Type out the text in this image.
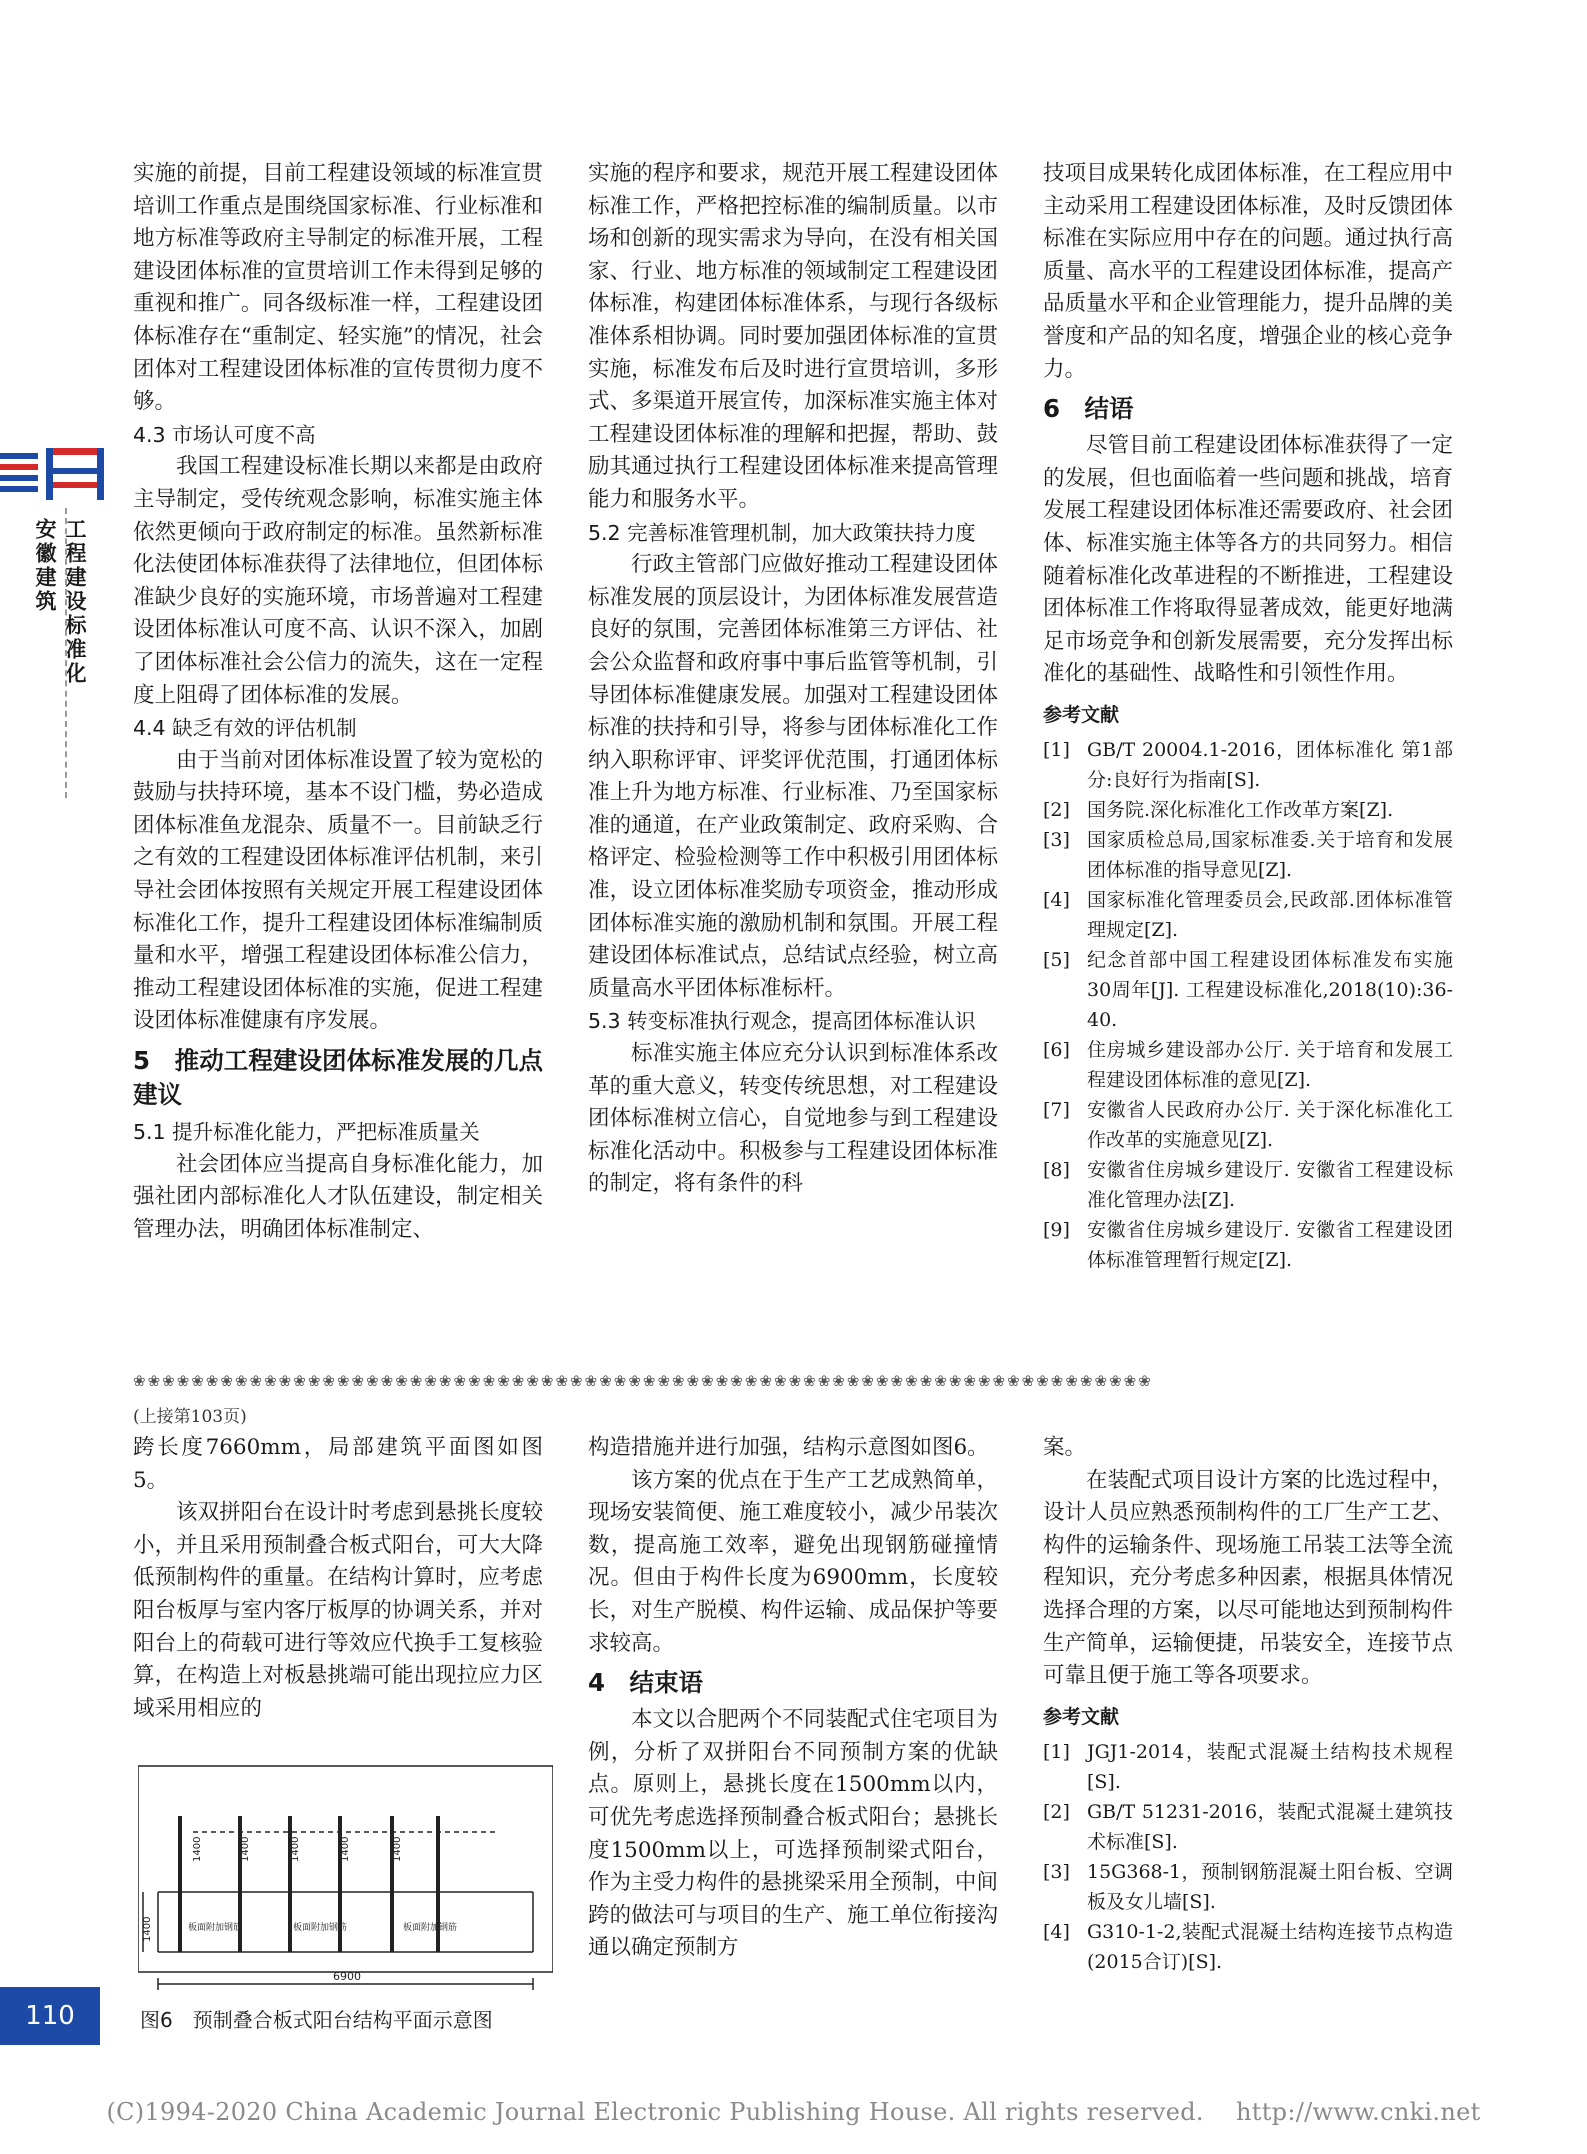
工程建设标准化
安徽建筑

实施的前提，目前工程建设领域的标准宣贯培训工作重点是围绕国家标准、行业标准和地方标准等政府主导制定的标准开展，工程建设团体标准的宣贯培训工作未得到足够的重视和推广。同各级标准一样，工程建设团体标准存在“重制定、轻实施”的情况，社会团体对工程建设团体标准的宣传贯彻力度不够。

4.3 市场认可度不高

我国工程建设标准长期以来都是由政府主导制定，受传统观念影响，标准实施主体依然更倾向于政府制定的标准。虽然新标准化法使团体标准获得了法律地位，但团体标准缺少良好的实施环境，市场普遍对工程建设团体标准认可度不高、认识不深入，加剧了团体标准社会公信力的流失，这在一定程度上阻碍了团体标准的发展。

4.4 缺乏有效的评估机制

由于当前对团体标准设置了较为宽松的鼓励与扶持环境，基本不设门槛，势必造成团体标准鱼龙混杂、质量不一。目前缺乏行之有效的工程建设团体标准评估机制，来引导社会团体按照有关规定开展工程建设团体标准化工作，提升工程建设团体标准编制质量和水平，增强工程建设团体标准公信力，推动工程建设团体标准的实施，促进工程建设团体标准健康有序发展。

5　推动工程建设团体标准发展的几点建议

5.1 提升标准化能力，严把标准质量关

社会团体应当提高自身标准化能力，加强社团内部标准化人才队伍建设，制定相关管理办法，明确团体标准制定、

实施的程序和要求，规范开展工程建设团体标准工作，严格把控标准的编制质量。以市场和创新的现实需求为导向，在没有相关国家、行业、地方标准的领域制定工程建设团体标准，构建团体标准体系，与现行各级标准体系相协调。同时要加强团体标准的宣贯实施，标准发布后及时进行宣贯培训，多形式、多渠道开展宣传，加深标准实施主体对工程建设团体标准的理解和把握，帮助、鼓励其通过执行工程建设团体标准来提高管理能力和服务水平。

5.2 完善标准管理机制，加大政策扶持力度

行政主管部门应做好推动工程建设团体标准发展的顶层设计，为团体标准发展营造良好的氛围，完善团体标准第三方评估、社会公众监督和政府事中事后监管等机制，引导团体标准健康发展。加强对工程建设团体标准的扶持和引导，将参与团体标准化工作纳入职称评审、评奖评优范围，打通团体标准上升为地方标准、行业标准、乃至国家标准的通道，在产业政策制定、政府采购、合格评定、检验检测等工作中积极引用团体标准，设立团体标准奖励专项资金，推动形成团体标准实施的激励机制和氛围。开展工程建设团体标准试点，总结试点经验，树立高质量高水平团体标准标杆。

5.3 转变标准执行观念，提高团体标准认识

标准实施主体应充分认识到标准体系改革的重大意义，转变传统思想，对工程建设团体标准树立信心，自觉地参与到工程建设标准化活动中。积极参与工程建设团体标准的制定，将有条件的科

技项目成果转化成团体标准，在工程应用中主动采用工程建设团体标准，及时反馈团体标准在实际应用中存在的问题。通过执行高质量、高水平的工程建设团体标准，提高产品质量水平和企业管理能力，提升品牌的美誉度和产品的知名度，增强企业的核心竞争力。

6　结语

尽管目前工程建设团体标准获得了一定的发展，但也面临着一些问题和挑战，培育发展工程建设团体标准还需要政府、社会团体、标准实施主体等各方的共同努力。相信随着标准化改革进程的不断推进，工程建设团体标准工作将取得显著成效，能更好地满足市场竞争和创新发展需要，充分发挥出标准化的基础性、战略性和引领性作用。

参考文献
[1] GB/T 20004.1-2016，团体标准化 第1部分:良好行为指南[S].
[2] 国务院.深化标准化工作改革方案[Z].
[3] 国家质检总局,国家标准委.关于培育和发展团体标准的指导意见[Z].
[4] 国家标准化管理委员会,民政部.团体标准管理规定[Z].
[5] 纪念首部中国工程建设团体标准发布实施30周年[J]. 工程建设标准化,2018(10):36-40.
[6] 住房城乡建设部办公厅. 关于培育和发展工程建设团体标准的意见[Z].
[7] 安徽省人民政府办公厅. 关于深化标准化工作改革的实施意见[Z].
[8] 安徽省住房城乡建设厅. 安徽省工程建设标准化管理办法[Z].
[9] 安徽省住房城乡建设厅. 安徽省工程建设团体标准管理暂行规定[Z].
❀❀❀❀❀❀❀❀❀❀❀❀❀❀❀❀❀❀❀❀❀❀❀❀❀❀❀❀❀❀❀❀❀❀❀❀❀❀❀❀❀❀❀❀❀❀❀❀❀❀❀❀❀❀❀❀❀❀❀❀❀❀❀❀❀❀❀❀❀❀
(上接第103页)

跨长度7660mm，局部建筑平面图如图5。

该双拼阳台在设计时考虑到悬挑长度较小，并且采用预制叠合板式阳台，可大大降低预制构件的重量。在结构计算时，应考虑阳台板厚与室内客厅板厚的协调关系，并对阳台上的荷载可进行等效应代换手工复核验算，在构造上对板悬挑端可能出现拉应力区域采用相应的

1400	1400	1400	1400	1400
1400	板面附加钢筋	板面附加钢筋	板面附加钢筋
6900
图6　预制叠合板式阳台结构平面示意图

构造措施并进行加强，结构示意图如图6。

该方案的优点在于生产工艺成熟简单，现场安装简便、施工难度较小，减少吊装次数，提高施工效率，避免出现钢筋碰撞情况。但由于构件长度为6900mm，长度较长，对生产脱模、构件运输、成品保护等要求较高。

4　结束语

本文以合肥两个不同装配式住宅项目为例，分析了双拼阳台不同预制方案的优缺点。原则上，悬挑长度在1500mm以内，可优先考虑选择预制叠合板式阳台；悬挑长度1500mm以上，可选择预制梁式阳台，作为主受力构件的悬挑梁采用全预制，中间跨的做法可与项目的生产、施工单位衔接沟通以确定预制方

案。

在装配式项目设计方案的比选过程中，设计人员应熟悉预制构件的工厂生产工艺、构件的运输条件、现场施工吊装工法等全流程知识，充分考虑多种因素，根据具体情况选择合理的方案，以尽可能地达到预制构件生产简单，运输便捷，吊装安全，连接节点可靠且便于施工等各项要求。

参考文献
[1] JGJ1-2014，装配式混凝土结构技术规程[S].
[2] GB/T 51231-2016，装配式混凝土建筑技术标准[S].
[3] 15G368-1，预制钢筋混凝土阳台板、空调板及女儿墙[S].
[4] G310-1-2,装配式混凝土结构连接节点构造(2015合订)[S].
110
(C)1994-2020 China Academic Journal Electronic Publishing House. All rights reserved.　 http://www.cnki.net
